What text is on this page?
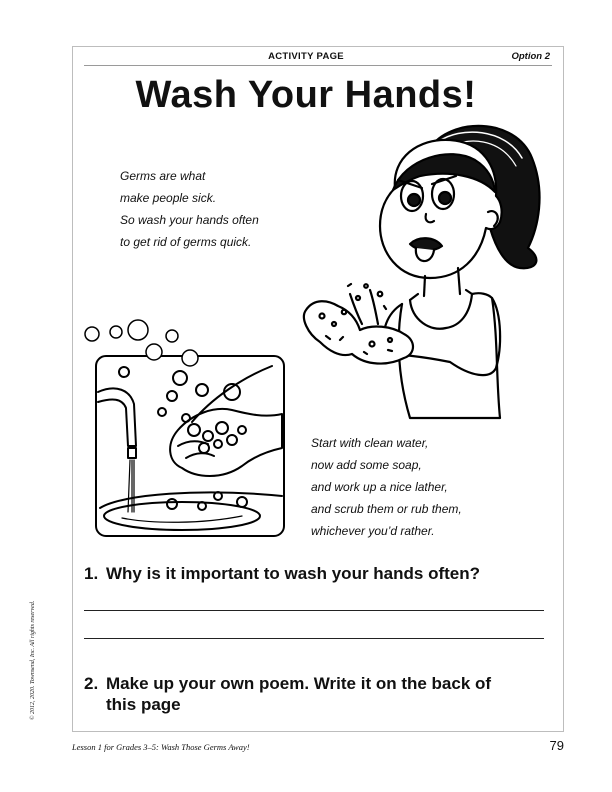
ACTIVITY PAGE	Option 2
Wash Your Hands!
Germs are what
make people sick.
So wash your hands often
to get rid of germs quick.
Start with clean water,
now add some soap,
and work up a nice lather,
and scrub them or rub them,
whichever you’d rather.
1. Why is it important to wash your hands often?
2. Make up your own poem. Write it on the back of
this page
© 2012, 2020. Townsend, Inc. All rights reserved.
Lesson 1 for Grades 3–5: Wash Those Germs Away!	79
